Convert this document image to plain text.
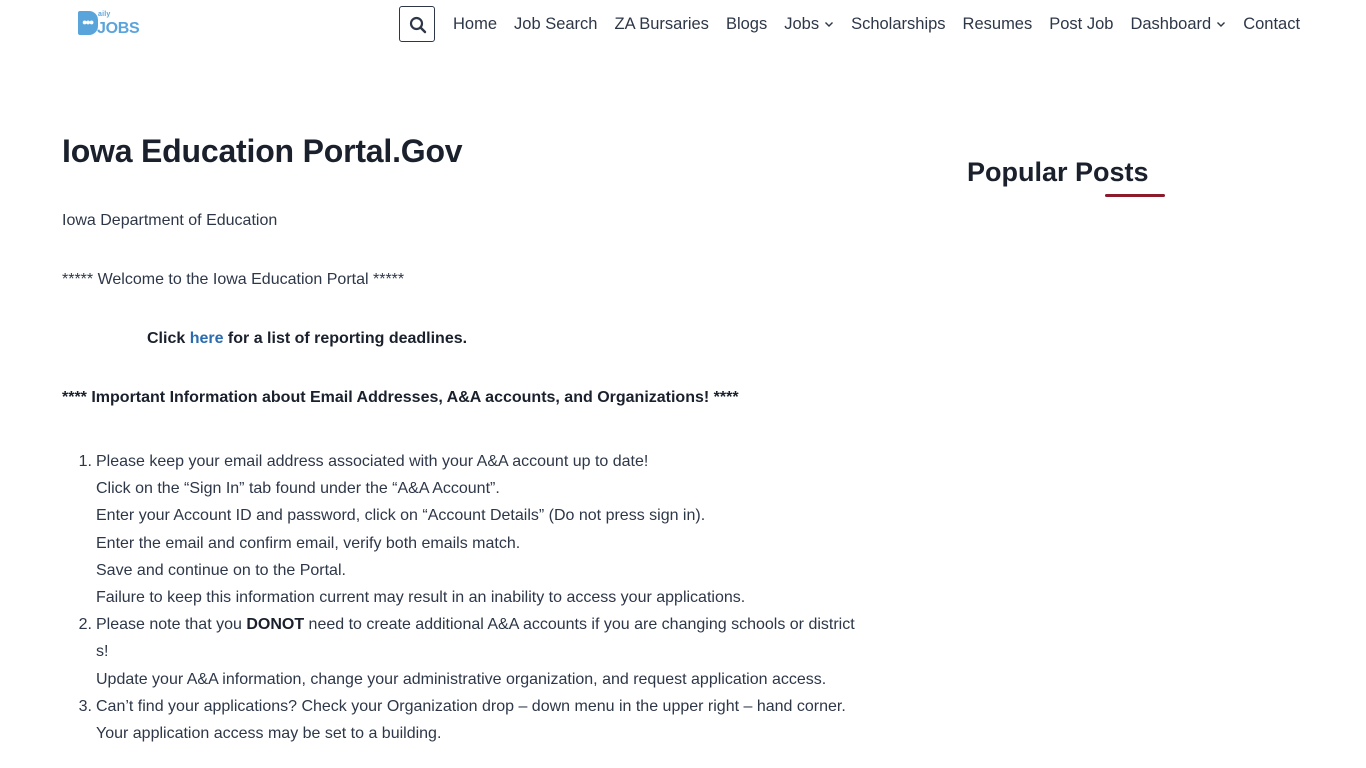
●●●
aily
JOBS	Home Job Search ZA Bursaries Blogs Jobs Scholarships Resumes Post Job Dashboard Contact
Iowa Education Portal.Gov

Iowa Department of Education

***** Welcome to the Iowa Education Portal *****

Click here for a list of reporting deadlines.

**** Important Information about Email Addresses, A&A accounts, and Organizations! ****

1. Please keep your email address associated with your A&A account up to date!
Click on the “Sign In” tab found under the “A&A Account”.
Enter your Account ID and password, click on “Account Details” (Do not press sign in).
Enter the email and confirm email, verify both emails match.
Save and continue on to the Portal.
Failure to keep this information current may result in an inability to access your applications.
2. Please note that you DONOT need to create additional A&A accounts if you are changing schools or district
s!
Update your A&A information, change your administrative organization, and request application access.
3. Can’t find your applications? Check your Organization drop – down menu in the upper right – hand corner.
Your application access may be set to a building.
Popular Posts
